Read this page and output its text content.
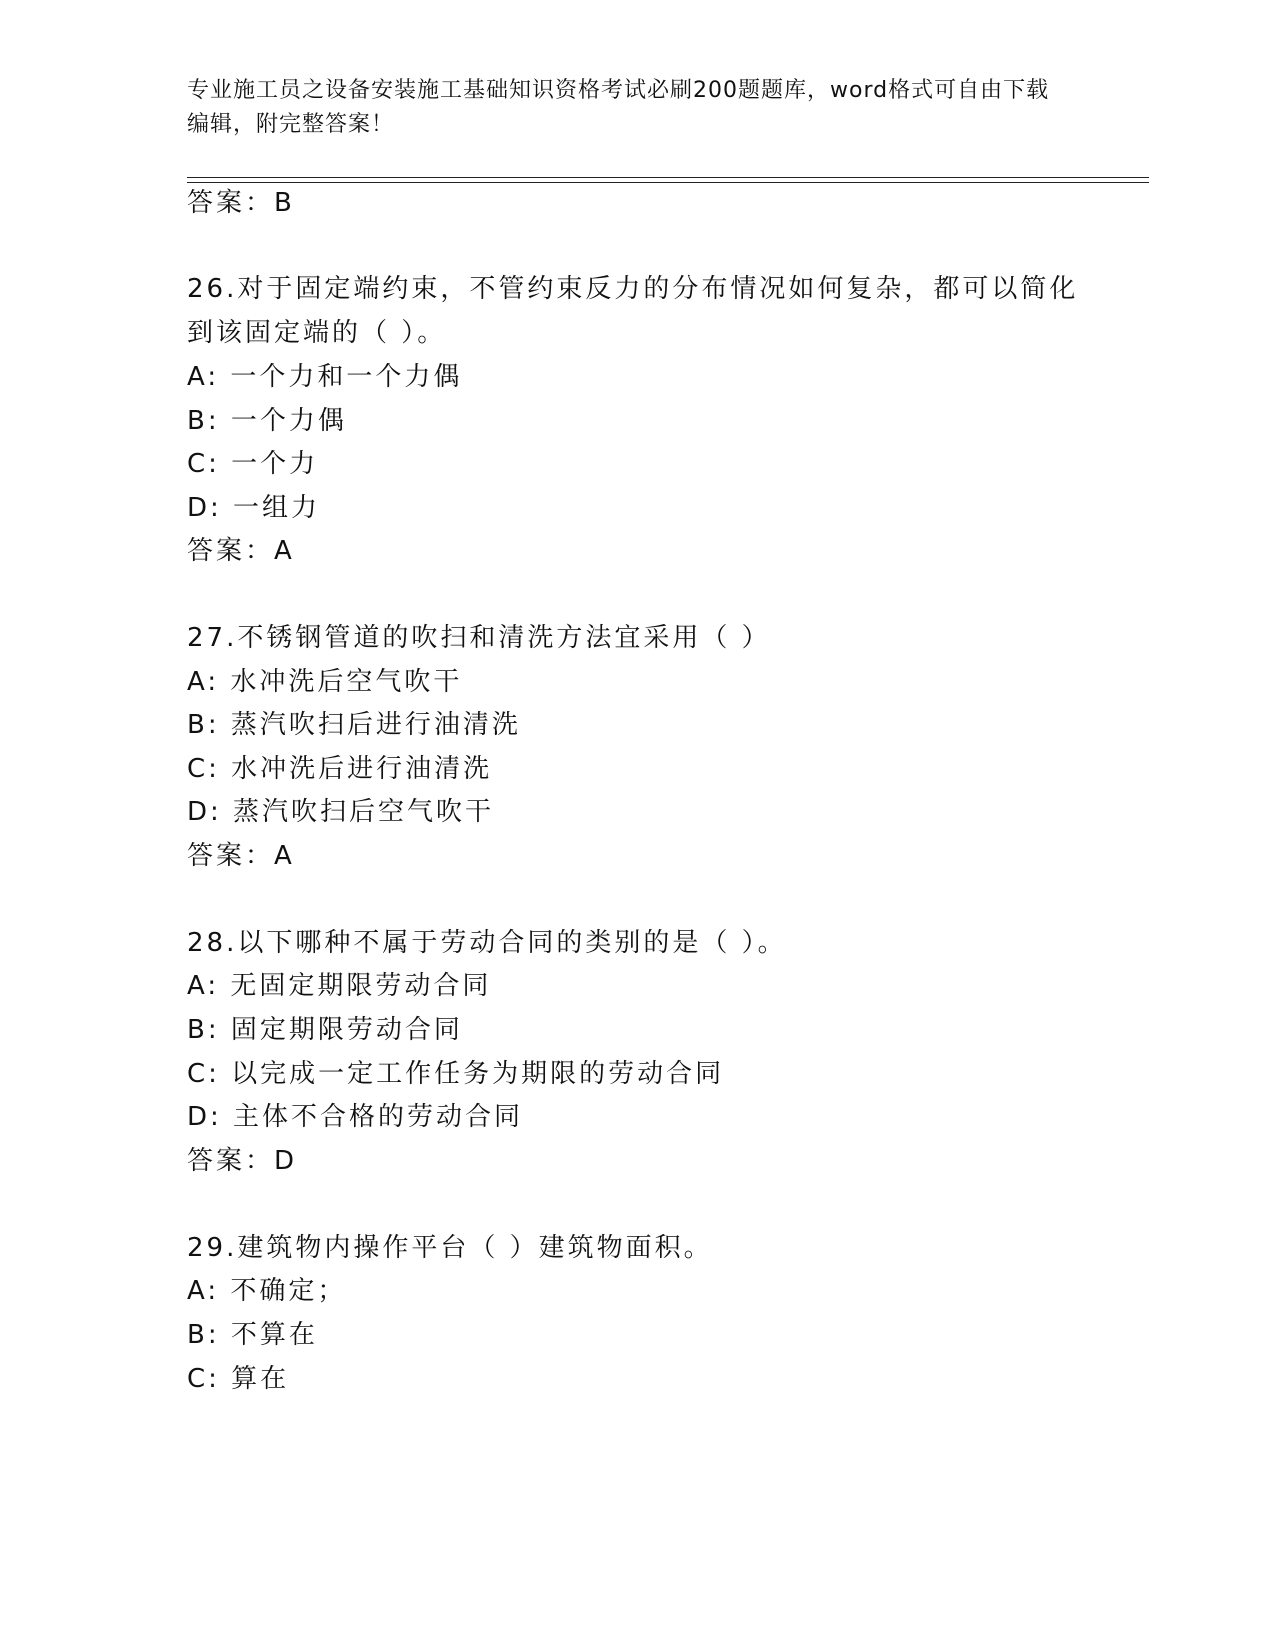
专业施工员之设备安装施工基础知识资格考试必刷200题题库，word格式可自由下载编辑，附完整答案！
答案：B
26.对于固定端约束，不管约束反力的分布情况如何复杂，都可以简化
到该固定端的（ ）。
A: 一个力和一个力偶
B: 一个力偶
C: 一个力
D: 一组力
答案：A
27.不锈钢管道的吹扫和清洗方法宜采用（ ）
A: 水冲洗后空气吹干
B: 蒸汽吹扫后进行油清洗
C: 水冲洗后进行油清洗
D: 蒸汽吹扫后空气吹干
答案：A
28.以下哪种不属于劳动合同的类别的是（ ）。
A: 无固定期限劳动合同
B: 固定期限劳动合同
C: 以完成一定工作任务为期限的劳动合同
D: 主体不合格的劳动合同
答案：D
29.建筑物内操作平台（ ）建筑物面积。
A: 不确定；
B: 不算在
C: 算在
